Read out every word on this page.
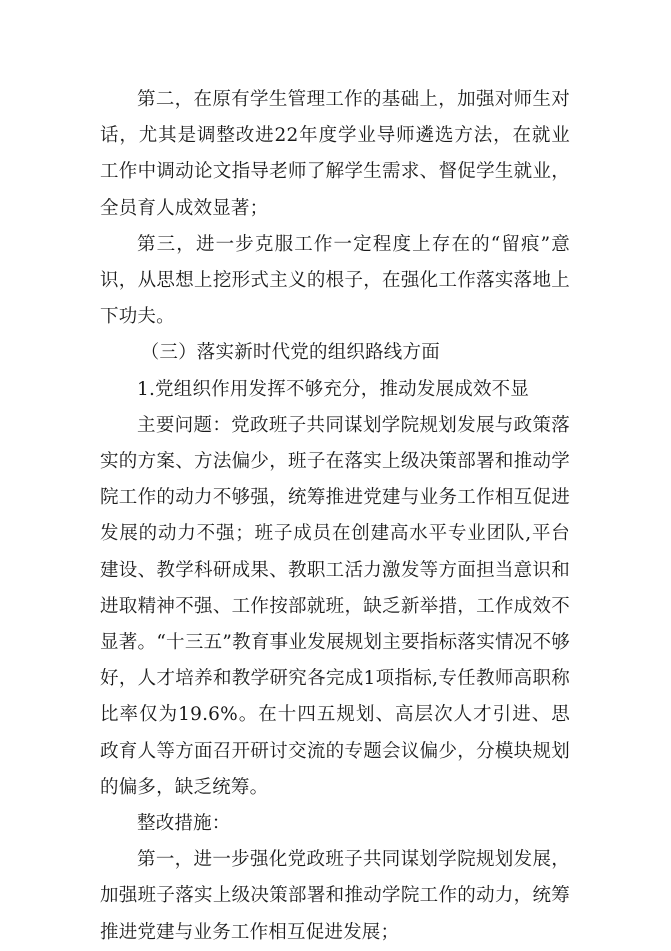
第二，在原有学生管理工作的基础上，加强对师生对话，尤其是调整改进22年度学业导师遴选方法，在就业工作中调动论文指导老师了解学生需求、督促学生就业，全员育人成效显著；

第三，进一步克服工作一定程度上存在的“留痕”意识，从思想上挖形式主义的根子，在强化工作落实落地上下功夫。

（三）落实新时代党的组织路线方面

1.党组织作用发挥不够充分，推动发展成效不显

主要问题：党政班子共同谋划学院规划发展与政策落实的方案、方法偏少，班子在落实上级决策部署和推动学院工作的动力不够强，统筹推进党建与业务工作相互促进发展的动力不强；班子成员在创建高水平专业团队,平台建设、教学科研成果、教职工活力激发等方面担当意识和进取精神不强、工作按部就班，缺乏新举措，工作成效不显著。“十三五”教育事业发展规划主要指标落实情况不够好，人才培养和教学研究各完成1项指标,专任教师高职称比率仅为19.6%。在十四五规划、高层次人才引进、思政育人等方面召开研讨交流的专题会议偏少，分模块规划的偏多，缺乏统筹。

整改措施：

第一，进一步强化党政班子共同谋划学院规划发展，加强班子落实上级决策部署和推动学院工作的动力，统筹推进党建与业务工作相互促进发展；
